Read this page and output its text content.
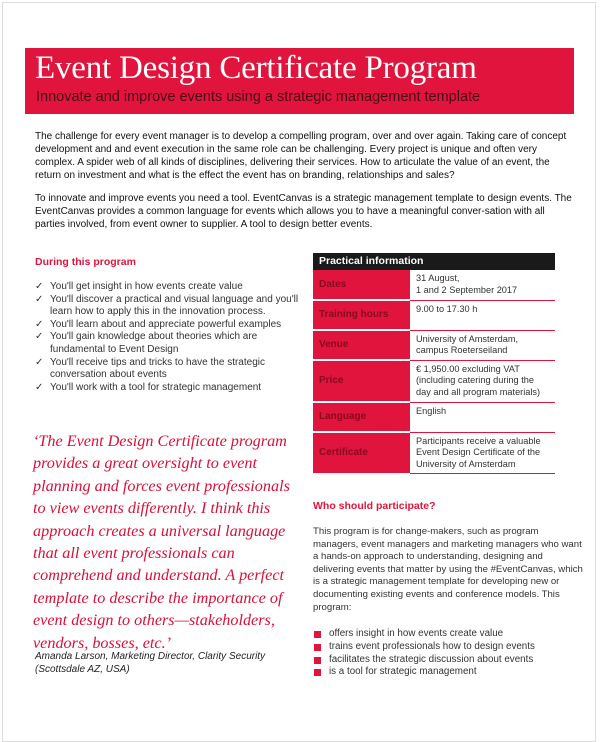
Event Design Certificate Program
Innovate and improve events using a strategic management template

The challenge for every event manager is to develop a compelling program, over and over again. Taking care of concept development and and event execution in the same role can be challenging. Every project is unique and often very complex. A spider web of all kinds of disciplines, delivering their services. How to articulate the value of an event, the return on investment and what is the effect the event has on branding, relationships and sales?

To innovate and improve events you need a tool. EventCanvas is a strategic management template to design events. The EventCanvas provides a common language for events which allows you to have a meaningful conver-sation with all parties involved, from event owner to supplier. A tool to design better events.

During this program
✓ You'll get insight in how events create value
✓ You'll discover a practical and visual language and you'll learn how to apply this in the innovation process.
✓ You'll learn about and appreciate powerful examples
✓ You'll gain knowledge about theories which are fundamental to Event Design
✓ You'll receive tips and tricks to have the strategic conversation about events
✓ You'll work with a tool for strategic management

‘The Event Design Certificate program provides a great oversight to event planning and forces event professionals to view events differently. I think this approach creates a universal language that all event professionals can comprehend and understand. A perfect template to describe the importance of event design to others—stakeholders, vendors, bosses, etc.’

Amanda Larson, Marketing Director, Clarity Security (Scottsdale AZ, USA)

Practical information	
Dates	31 August,
1 and 2 September 2017
Training hours	9.00 to 17.30 h
Venue	University of Amsterdam, campus Roeterseiland
Price	€ 1,950.00 excluding VAT (including catering during the day and all program materials)
Language	English
Certificate	Participants receive a valuable Event Design Certificate of the University of Amsterdam
Who should participate?

This program is for change-makers, such as program managers, event managers and marketing managers who want a hands-on approach to understanding, designing and delivering events that matter by using the #EventCanvas, which is a strategic management template for developing new or documenting existing events and conference models. This program:

offers insight in how events create value
trains event professionals how to design events
facilitates the strategic discussion about events
is a tool for strategic management
